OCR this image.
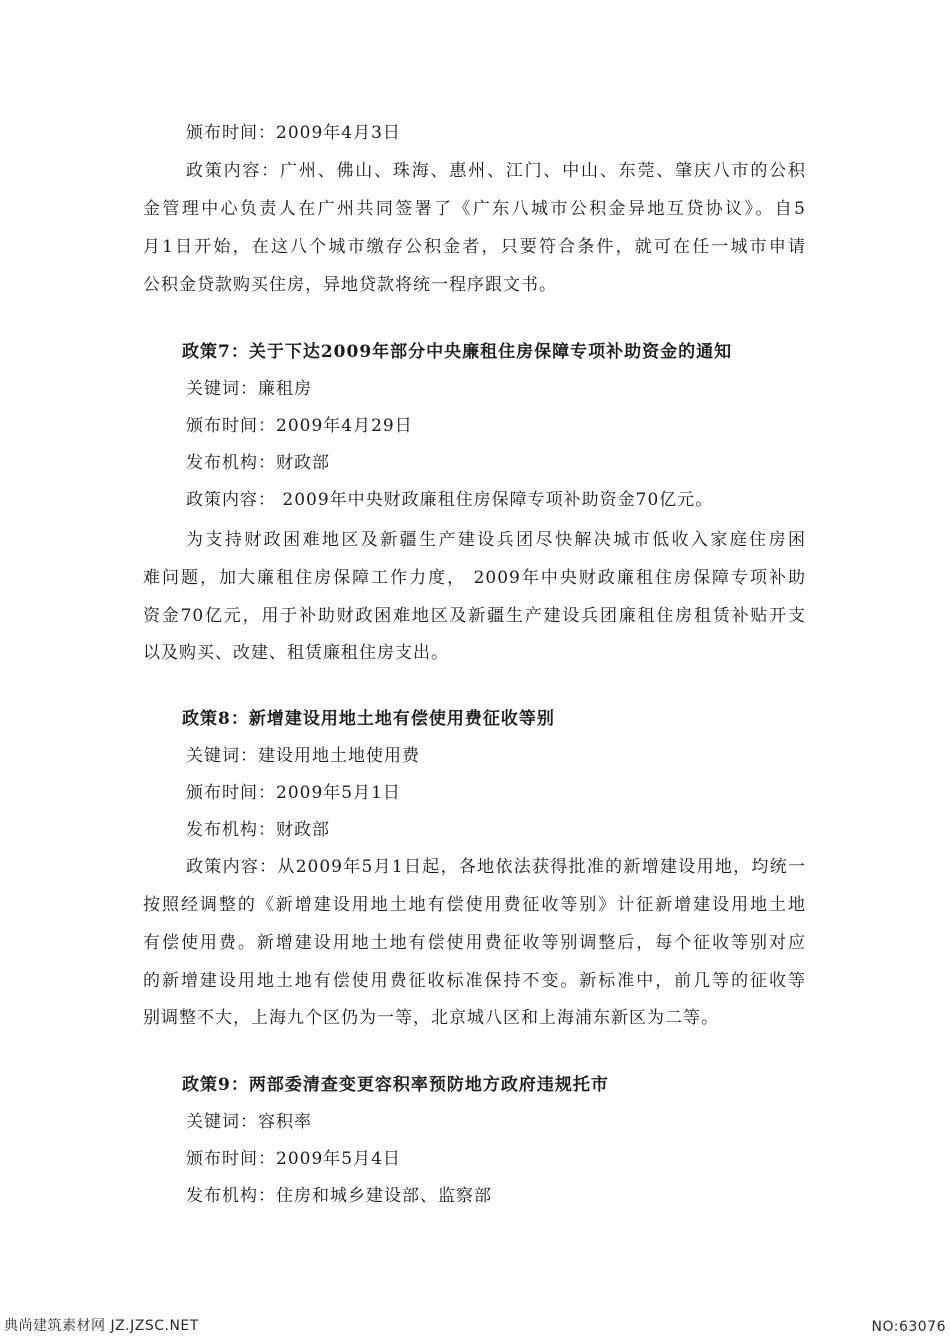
颁布时间：2009年4月3日
政策内容：广州、佛山、珠海、惠州、江门、中山、东莞、肇庆八市的公积
金管理中心负责人在广州共同签署了《广东八城市公积金异地互贷协议》。自5
月1日开始，在这八个城市缴存公积金者，只要符合条件，就可在任一城市申请
公积金贷款购买住房，异地贷款将统一程序跟文书。
政策7：关于下达2009年部分中央廉租住房保障专项补助资金的通知
关键词：廉租房
颁布时间：2009年4月29日
发布机构：财政部
政策内容： 2009年中央财政廉租住房保障专项补助资金70亿元。
为支持财政困难地区及新疆生产建设兵团尽快解决城市低收入家庭住房困
难问题，加大廉租住房保障工作力度， 2009年中央财政廉租住房保障专项补助
资金70亿元，用于补助财政困难地区及新疆生产建设兵团廉租住房租赁补贴开支
以及购买、改建、租赁廉租住房支出。
政策8：新增建设用地土地有偿使用费征收等别
关键词：建设用地土地使用费
颁布时间：2009年5月1日
发布机构：财政部
政策内容：从2009年5月1日起，各地依法获得批准的新增建设用地，均统一
按照经调整的《新增建设用地土地有偿使用费征收等别》计征新增建设用地土地
有偿使用费。新增建设用地土地有偿使用费征收等别调整后，每个征收等别对应
的新增建设用地土地有偿使用费征收标准保持不变。新标准中，前几等的征收等
别调整不大，上海九个区仍为一等，北京城八区和上海浦东新区为二等。
政策9：两部委清查变更容积率预防地方政府违规托市
关键词：容积率
颁布时间：2009年5月4日
发布机构：住房和城乡建设部、监察部
典尚建筑素材网 JZ.JZSC.NET	NO:63076
